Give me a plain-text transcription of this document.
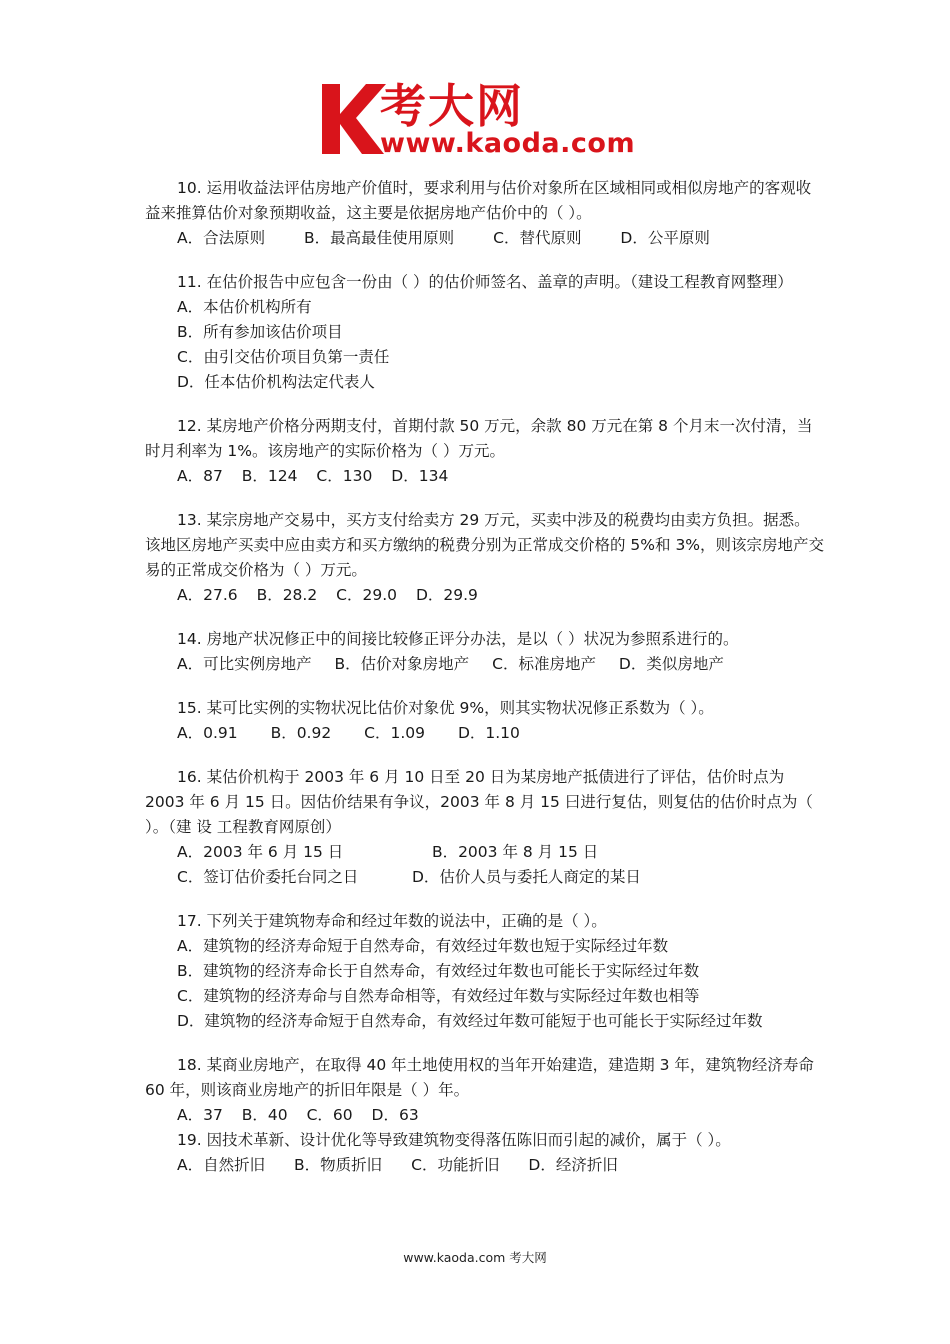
考大网
www.kaoda.com
10. 运用收益法评估房地产价值时，要求利用与估价对象所在区域相同或相似房地产的客观收益来推算估价对象预期收益，这主要是依据房地产估价中的（ ）。
A．合法原则	B．最高最佳使用原则	C．替代原则	D．公平原则
11. 在估价报告中应包含一份由（ ）的估价师签名、盖章的声明。（建设工程教育网整理）
A．本估价机构所有
B．所有参加该估价项目
C．由引交估价项目负第一责任
D．任本估价机构法定代表人
12. 某房地产价格分两期支付，首期付款 50 万元，余款 80 万元在第 8 个月末一次付清，当时月利率为 1%。该房地产的实际价格为（ ）万元。
A．87 B．124 C．130 D．134
13. 某宗房地产交易中，买方支付给卖方 29 万元，买卖中涉及的税费均由卖方负担。据悉。该地区房地产买卖中应由卖方和买方缴纳的税费分别为正常成交价格的 5%和 3%，则该宗房地产交易的正常成交价格为（ ）万元。
A．27.6 B．28.2 C．29.0 D．29.9
14. 房地产状况修正中的间接比较修正评分办法，是以（ ）状况为参照系进行的。
A．可比实例房地产 B．估价对象房地产 C．标准房地产 D．类似房地产
15. 某可比实例的实物状况比估价对象优 9%，则其实物状况修正系数为（ ）。
A．0.91 B．0.92 C．1.09 D．1.10
16. 某估价机构于 2003 年 6 月 10 日至 20 日为某房地产抵债进行了评估，估价时点为 2003 年 6 月 15 日。因估价结果有争议，2003 年 8 月 15 曰进行复估，则复估的估价时点为（ ）。（建 设 工程教育网原创）
A．2003 年 6 月 15 日	B．2003 年 8 月 15 日
C．签订估价委托台同之日	D．估价人员与委托人商定的某日
17. 下列关于建筑物寿命和经过年数的说法中，正确的是（ ）。
A．建筑物的经济寿命短于自然寿命，有效经过年数也短于实际经过年数
B．建筑物的经济寿命长于自然寿命，有效经过年数也可能长于实际经过年数
C．建筑物的经济寿命与自然寿命相等，有效经过年数与实际经过年数也相等
D．建筑物的经济寿命短于自然寿命，有效经过年数可能短于也可能长于实际经过年数
18. 某商业房地产，在取得 40 年土地使用权的当年开始建造，建造期 3 年，建筑物经济寿命 60 年，则该商业房地产的折旧年限是（ ）年。
A．37 B．40 C．60 D．63
19. 因技术革新、设计优化等导致建筑物变得落伍陈旧而引起的减价，属于（ ）。
A．自然折旧 B．物质折旧 C．功能折旧 D．经济折旧
www.kaoda.com 考大网
